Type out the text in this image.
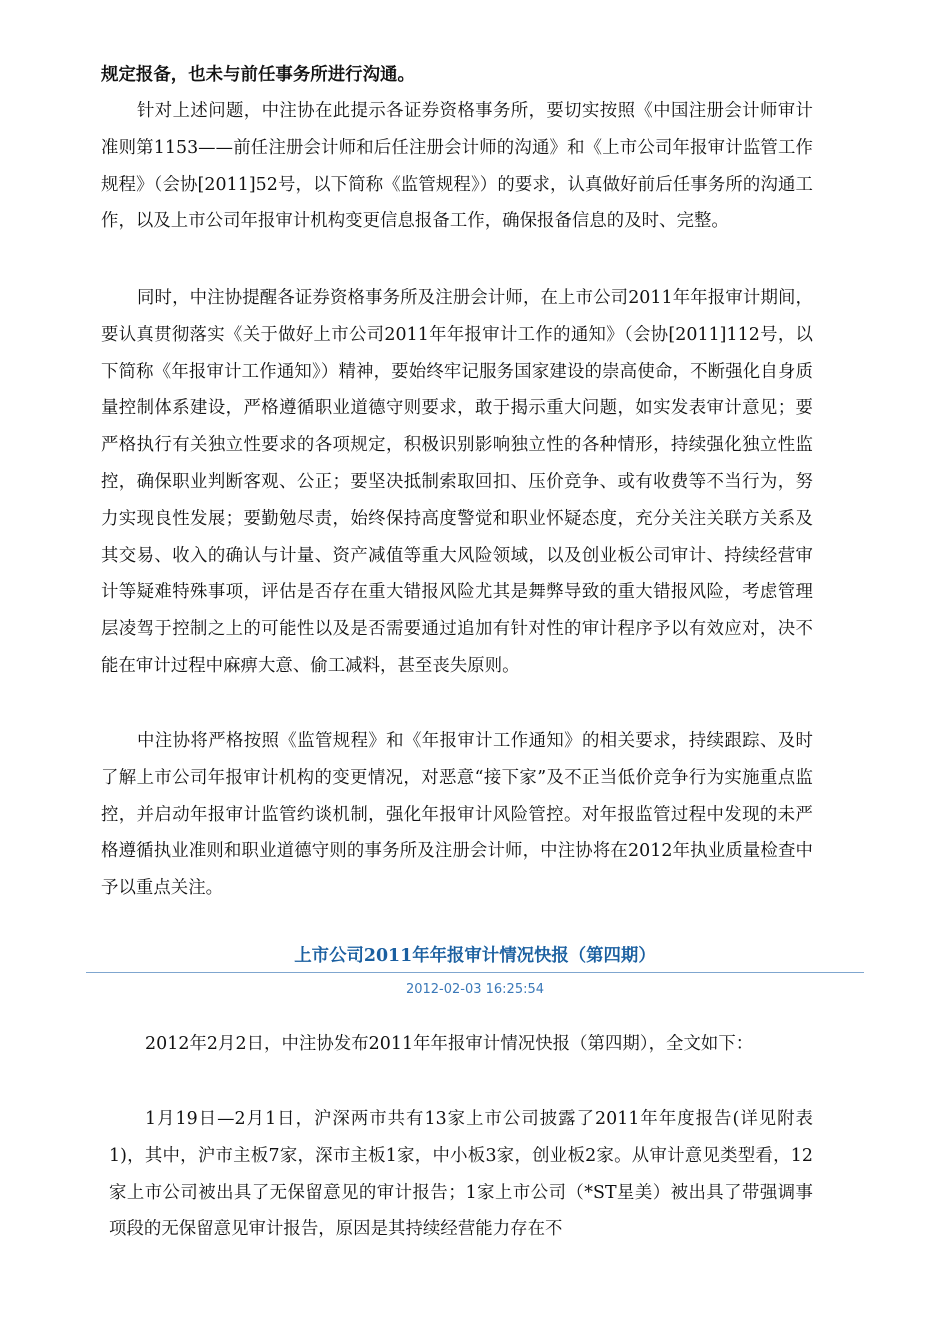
规定报备，也未与前任事务所进行沟通。

针对上述问题，中注协在此提示各证券资格事务所，要切实按照《中国注册会计师审计准则第1153——前任注册会计师和后任注册会计师的沟通》和《上市公司年报审计监管工作规程》（会协[2011]52号，以下简称《监管规程》）的要求，认真做好前后任事务所的沟通工作，以及上市公司年报审计机构变更信息报备工作，确保报备信息的及时、完整。

同时，中注协提醒各证券资格事务所及注册会计师，在上市公司2011年年报审计期间，要认真贯彻落实《关于做好上市公司2011年年报审计工作的通知》（会协[2011]112号，以下简称《年报审计工作通知》）精神，要始终牢记服务国家建设的崇高使命，不断强化自身质量控制体系建设，严格遵循职业道德守则要求，敢于揭示重大问题，如实发表审计意见；要严格执行有关独立性要求的各项规定，积极识别影响独立性的各种情形，持续强化独立性监控，确保职业判断客观、公正；要坚决抵制索取回扣、压价竞争、或有收费等不当行为，努力实现良性发展；要勤勉尽责，始终保持高度警觉和职业怀疑态度，充分关注关联方关系及其交易、收入的确认与计量、资产减值等重大风险领域，以及创业板公司审计、持续经营审计等疑难特殊事项，评估是否存在重大错报风险尤其是舞弊导致的重大错报风险，考虑管理层凌驾于控制之上的可能性以及是否需要通过追加有针对性的审计程序予以有效应对，决不能在审计过程中麻痹大意、偷工减料，甚至丧失原则。

中注协将严格按照《监管规程》和《年报审计工作通知》的相关要求，持续跟踪、及时了解上市公司年报审计机构的变更情况，对恶意“接下家”及不正当低价竞争行为实施重点监控，并启动年报审计监管约谈机制，强化年报审计风险管控。对年报监管过程中发现的未严格遵循执业准则和职业道德守则的事务所及注册会计师，中注协将在2012年执业质量检查中予以重点关注。

上市公司2011年年报审计情况快报（第四期）
2012-02-03 16:25:54

2012年2月2日，中注协发布2011年年报审计情况快报（第四期），全文如下：

1月19日—2月1日，沪深两市共有13家上市公司披露了2011年年度报告(详见附表1)，其中，沪市主板7家，深市主板1家，中小板3家，创业板2家。从审计意见类型看，12家上市公司被出具了无保留意见的审计报告；1家上市公司（*ST星美）被出具了带强调事项段的无保留意见审计报告，原因是其持续经营能力存在不
